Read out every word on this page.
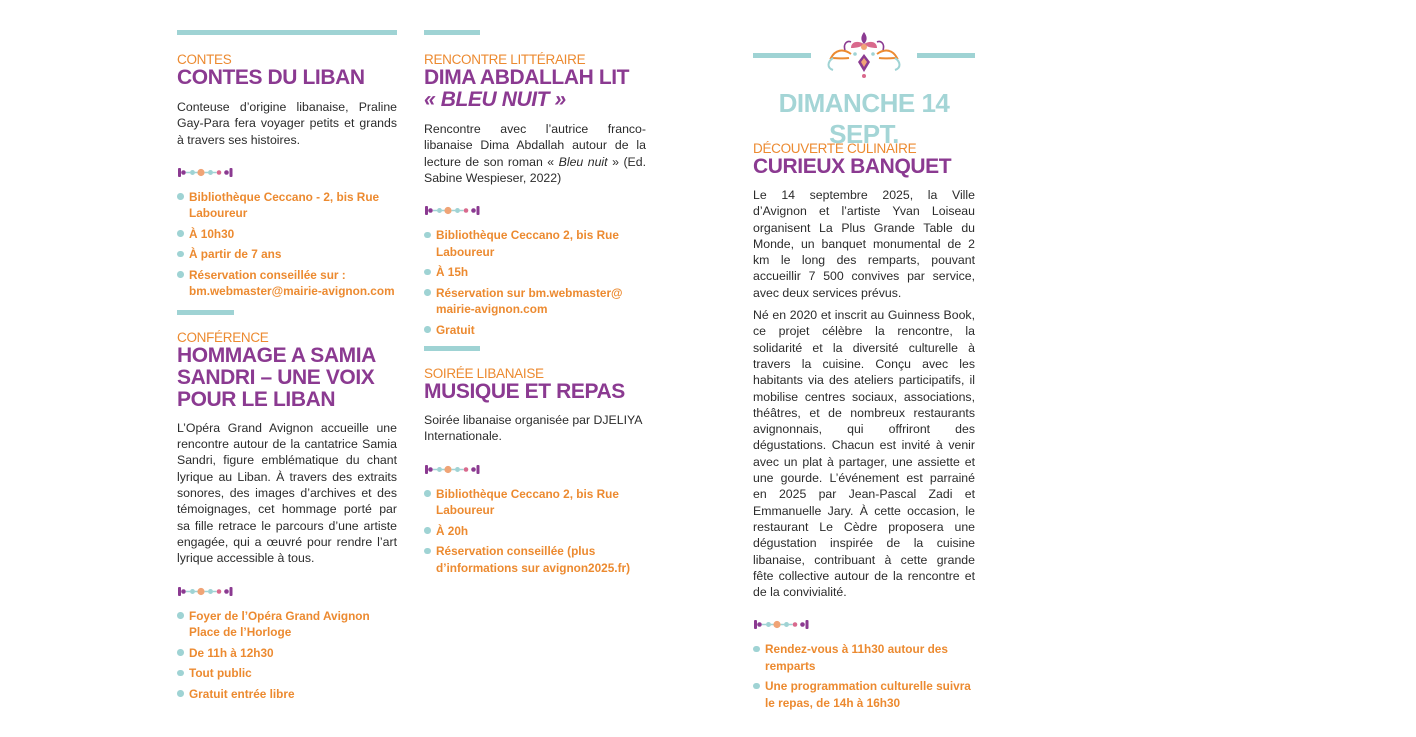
CONTES
CONTES DU LIBAN

Conteuse d’origine libanaise, Praline Gay-Para fera voyager petits et grands à travers ses histoires.

Bibliothèque Ceccano - 2, bis Rue Laboureur
À 10h30
À partir de 7 ans
Réservation conseillée sur : bm.webmaster@mairie-avignon.com
CONFÉRENCE
HOMMAGE A SAMIA SANDRI – UNE VOIX POUR LE LIBAN

L’Opéra Grand Avignon accueille une rencontre autour de la cantatrice Samia Sandri, figure emblématique du chant lyrique au Liban. À travers des extraits sonores, des images d’archives et des témoignages, cet hommage porté par sa fille retrace le parcours d’une artiste engagée, qui a œuvré pour rendre l’art lyrique accessible à tous.

Foyer de l’Opéra Grand Avignon Place de l’Horloge
De 11h à 12h30
Tout public
Gratuit entrée libre
RENCONTRE LITTÉRAIRE
DIMA ABDALLAH LIT
« BLEU NUIT »

Rencontre avec l’autrice franco-libanaise Dima Abdallah autour de la lecture de son roman « Bleu nuit » (Ed. Sabine Wespieser, 2022)

Bibliothèque Ceccano 2, bis Rue Laboureur
À 15h
Réservation sur bm.webmaster@ mairie-avignon.com
Gratuit
SOIRÉE LIBANAISE
MUSIQUE ET REPAS

Soirée libanaise organisée par DJELIYA Internationale.

Bibliothèque Ceccano 2, bis Rue Laboureur
À 20h
Réservation conseillée (plus d’informations sur avignon2025.fr)
DIMANCHE 14 SEPT.
DÉCOUVERTE CULINAIRE
CURIEUX BANQUET

Le 14 septembre 2025, la Ville d’Avignon et l’artiste Yvan Loiseau organisent La Plus Grande Table du Monde, un banquet monumental de 2 km le long des remparts, pouvant accueillir 7 500 convives par service, avec deux services prévus.

Né en 2020 et inscrit au Guinness Book, ce projet célèbre la rencontre, la solidarité et la diversité culturelle à travers la cuisine. Conçu avec les habitants via des ateliers participatifs, il mobilise centres sociaux, associations, théâtres, et de nombreux restaurants avignonnais, qui offriront des dégustations. Chacun est invité à venir avec un plat à partager, une assiette et une gourde. L’événement est parrainé en 2025 par Jean-Pascal Zadi et Emmanuelle Jary. À cette occasion, le restaurant Le Cèdre proposera une dégustation inspirée de la cuisine libanaise, contribuant à cette grande fête collective autour de la rencontre et de la convivialité.

Rendez-vous à 11h30 autour des remparts
Une programmation culturelle suivra le repas, de 14h à 16h30
